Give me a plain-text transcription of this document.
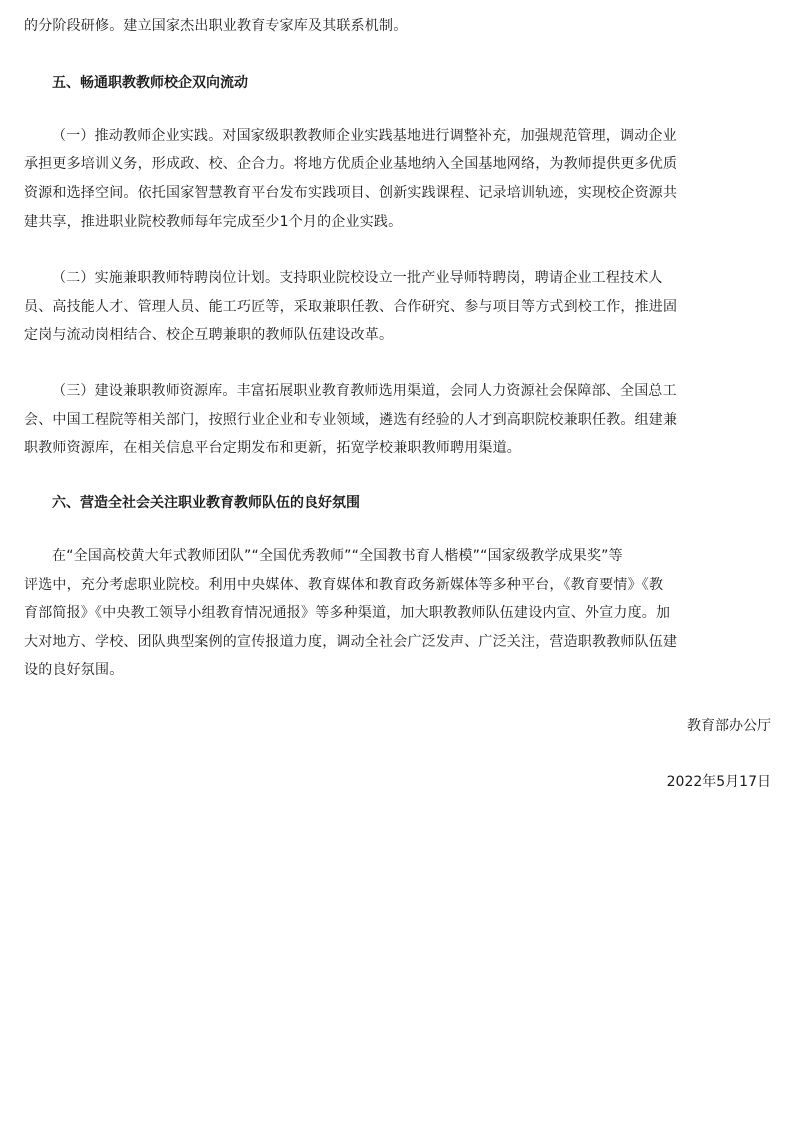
的分阶段研修。建立国家杰出职业教育专家库及其联系机制。

五、畅通职教教师校企双向流动

（一）推动教师企业实践。对国家级职教教师企业实践基地进行调整补充，加强规范管理，调动企业

承担更多培训义务，形成政、校、企合力。将地方优质企业基地纳入全国基地网络，为教师提供更多优质

资源和选择空间。依托国家智慧教育平台发布实践项目、创新实践课程、记录培训轨迹，实现校企资源共

建共享，推进职业院校教师每年完成至少1个月的企业实践。

（二）实施兼职教师特聘岗位计划。支持职业院校设立一批产业导师特聘岗，聘请企业工程技术人

员、高技能人才、管理人员、能工巧匠等，采取兼职任教、合作研究、参与项目等方式到校工作，推进固

定岗与流动岗相结合、校企互聘兼职的教师队伍建设改革。

（三）建设兼职教师资源库。丰富拓展职业教育教师选用渠道，会同人力资源社会保障部、全国总工

会、中国工程院等相关部门，按照行业企业和专业领域，遴选有经验的人才到高职院校兼职任教。组建兼

职教师资源库，在相关信息平台定期发布和更新，拓宽学校兼职教师聘用渠道。

六、营造全社会关注职业教育教师队伍的良好氛围

在“全国高校黄大年式教师团队”“全国优秀教师”“全国教书育人楷模”“国家级教学成果奖”等

评选中，充分考虑职业院校。利用中央媒体、教育媒体和教育政务新媒体等多种平台，《教育要情》《教

育部简报》《中央教工领导小组教育情况通报》等多种渠道，加大职教教师队伍建设内宣、外宣力度。加

大对地方、学校、团队典型案例的宣传报道力度，调动全社会广泛发声、广泛关注，营造职教教师队伍建

设的良好氛围。

教育部办公厅

2022年5月17日
